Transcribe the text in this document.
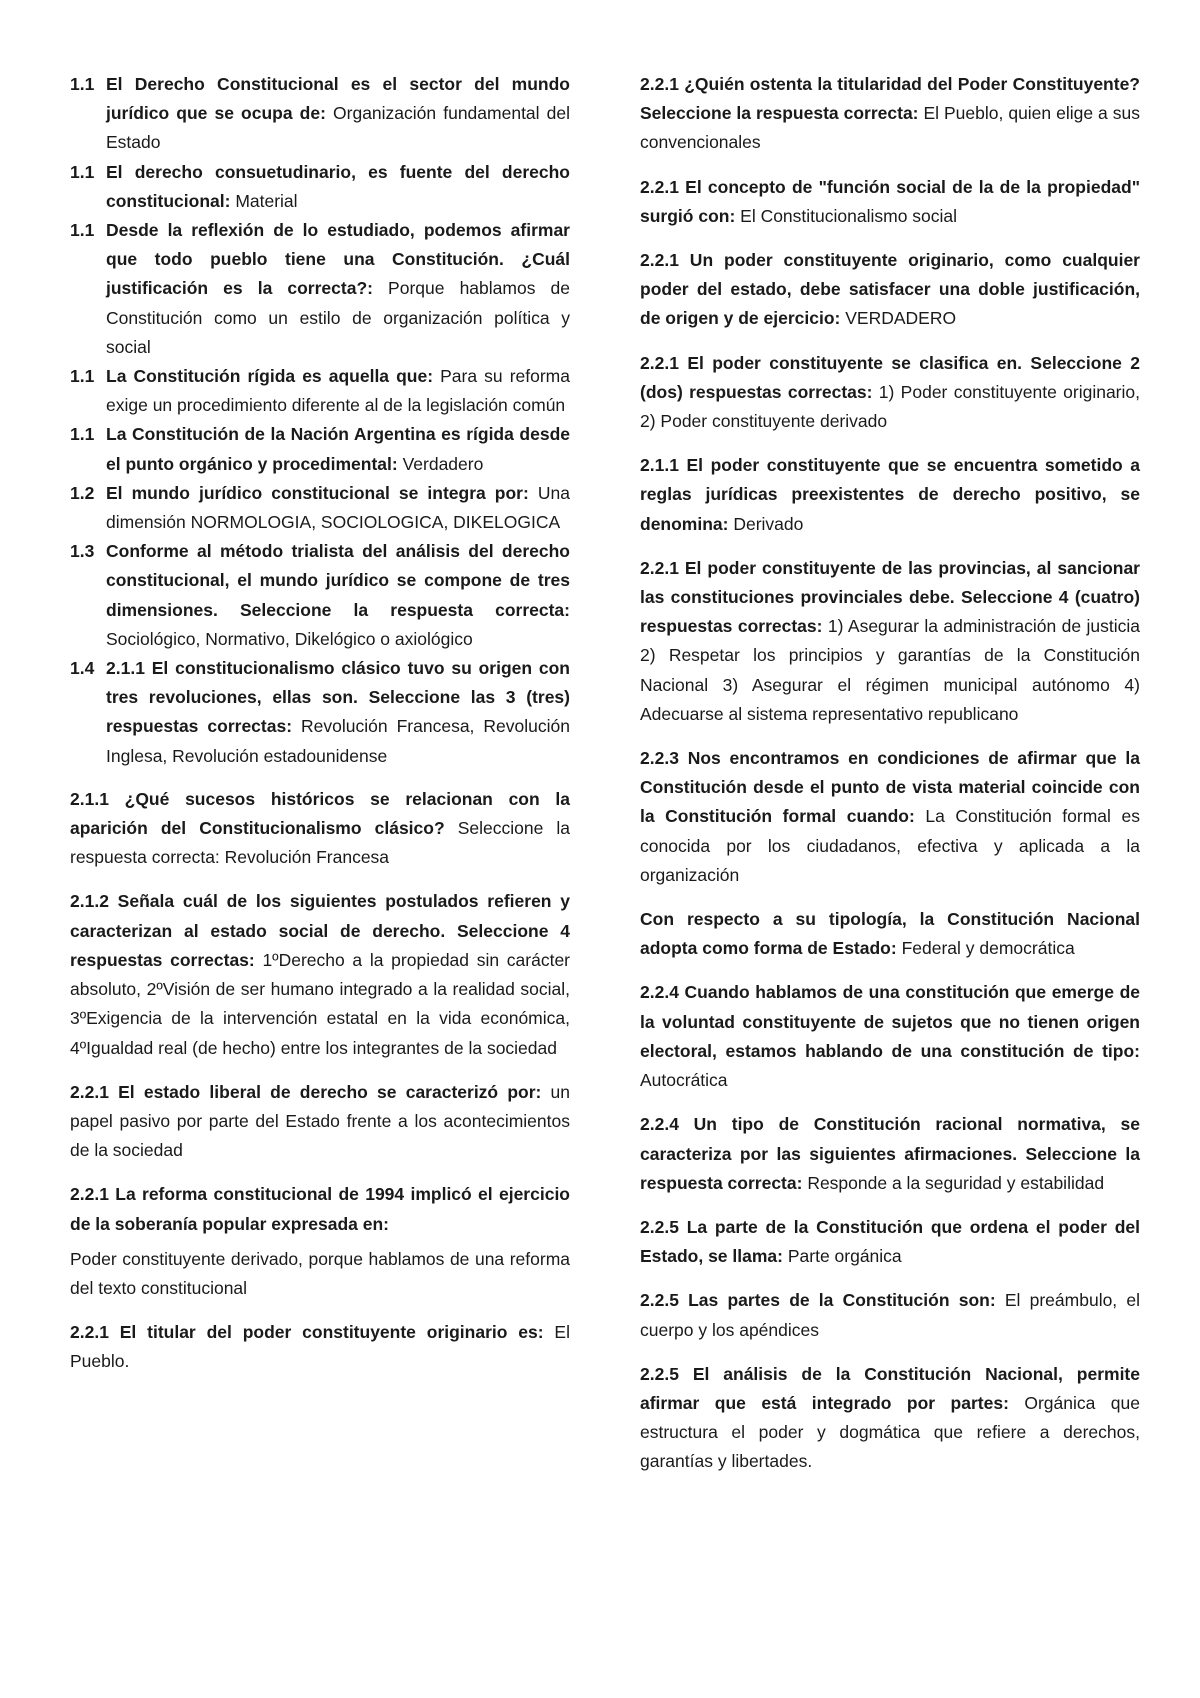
1.1 El Derecho Constitucional es el sector del mundo jurídico que se ocupa de: Organización fundamental del Estado
1.1 El derecho consuetudinario, es fuente del derecho constitucional: Material
1.1 Desde la reflexión de lo estudiado, podemos afirmar que todo pueblo tiene una Constitución. ¿Cuál justificación es la correcta?: Porque hablamos de Constitución como un estilo de organización política y social
1.1 La Constitución rígida es aquella que: Para su reforma exige un procedimiento diferente al de la legislación común
1.1 La Constitución de la Nación Argentina es rígida desde el punto orgánico y procedimental: Verdadero
1.2 El mundo jurídico constitucional se integra por: Una dimensión NORMOLOGIA, SOCIOLOGICA, DIKELOGICA
1.3 Conforme al método trialista del análisis del derecho constitucional, el mundo jurídico se compone de tres dimensiones. Seleccione la respuesta correcta: Sociológico, Normativo, Dikelógico o axiológico
1.4 2.1.1 El constitucionalismo clásico tuvo su origen con tres revoluciones, ellas son. Seleccione las 3 (tres) respuestas correctas: Revolución Francesa, Revolución Inglesa, Revolución estadounidense

2.1.1 ¿Qué sucesos históricos se relacionan con la aparición del Constitucionalismo clásico? Seleccione la respuesta correcta: Revolución Francesa

2.1.2 Señala cuál de los siguientes postulados refieren y caracterizan al estado social de derecho. Seleccione 4 respuestas correctas: 1ºDerecho a la propiedad sin carácter absoluto, 2ºVisión de ser humano integrado a la realidad social, 3ºExigencia de la intervención estatal en la vida económica, 4ºIgualdad real (de hecho) entre los integrantes de la sociedad

2.2.1 El estado liberal de derecho se caracterizó por: un papel pasivo por parte del Estado frente a los acontecimientos de la sociedad

2.2.1 La reforma constitucional de 1994 implicó el ejercicio de la soberanía popular expresada en:

Poder constituyente derivado, porque hablamos de una reforma del texto constitucional

2.2.1 El titular del poder constituyente originario es: El Pueblo.

2.2.1 ¿Quién ostenta la titularidad del Poder Constituyente? Seleccione la respuesta correcta: El Pueblo, quien elige a sus convencionales

2.2.1 El concepto de "función social de la de la propiedad" surgió con: El Constitucionalismo social

2.2.1 Un poder constituyente originario, como cualquier poder del estado, debe satisfacer una doble justificación, de origen y de ejercicio: VERDADERO

2.2.1 El poder constituyente se clasifica en. Seleccione 2 (dos) respuestas correctas: 1) Poder constituyente originario, 2) Poder constituyente derivado

2.1.1 El poder constituyente que se encuentra sometido a reglas jurídicas preexistentes de derecho positivo, se denomina: Derivado

2.2.1 El poder constituyente de las provincias, al sancionar las constituciones provinciales debe. Seleccione 4 (cuatro) respuestas correctas: 1) Asegurar la administración de justicia 2) Respetar los principios y garantías de la Constitución Nacional 3) Asegurar el régimen municipal autónomo 4) Adecuarse al sistema representativo republicano

2.2.3 Nos encontramos en condiciones de afirmar que la Constitución desde el punto de vista material coincide con la Constitución formal cuando: La Constitución formal es conocida por los ciudadanos, efectiva y aplicada a la organización

Con respecto a su tipología, la Constitución Nacional adopta como forma de Estado: Federal y democrática

2.2.4 Cuando hablamos de una constitución que emerge de la voluntad constituyente de sujetos que no tienen origen electoral, estamos hablando de una constitución de tipo: Autocrática

2.2.4 Un tipo de Constitución racional normativa, se caracteriza por las siguientes afirmaciones. Seleccione la respuesta correcta: Responde a la seguridad y estabilidad

2.2.5 La parte de la Constitución que ordena el poder del Estado, se llama: Parte orgánica

2.2.5 Las partes de la Constitución son: El preámbulo, el cuerpo y los apéndices

2.2.5 El análisis de la Constitución Nacional, permite afirmar que está integrado por partes: Orgánica que estructura el poder y dogmática que refiere a derechos, garantías y libertades.
